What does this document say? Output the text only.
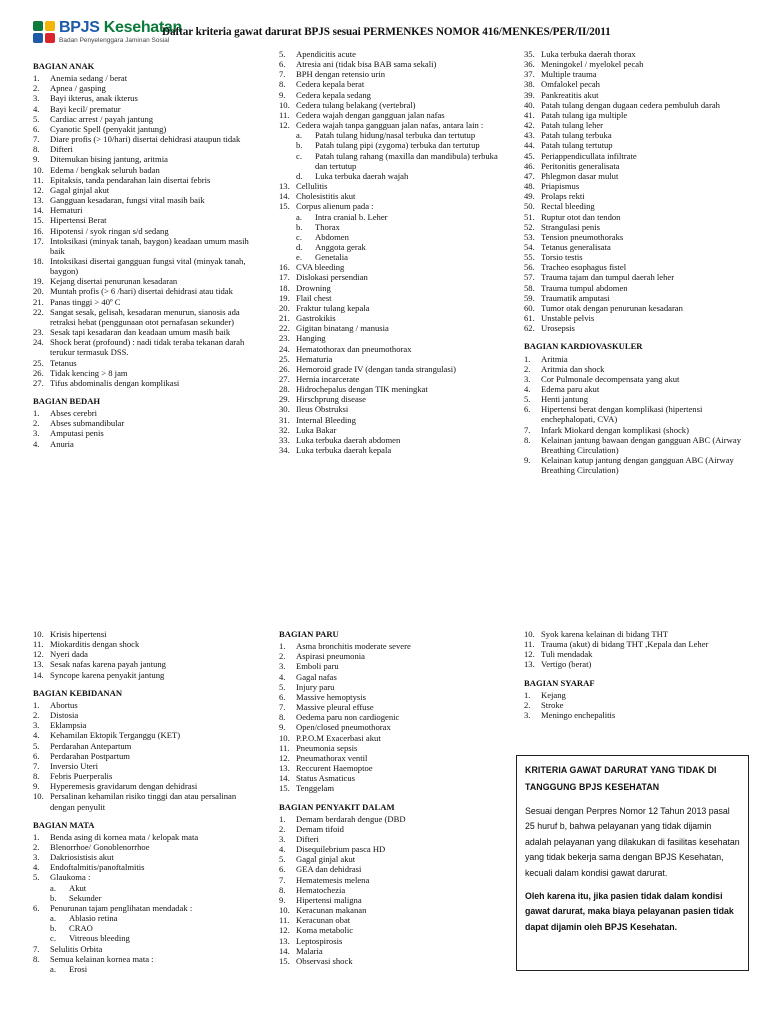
BPJS Kesehatan
Badan Penyelenggara Jaminan Sosial
Daftar kriteria gawat darurat BPJS sesuai PERMENKES NOMOR 416/MENKES/PER/II/2011
BAGIAN ANAK
1.	Anemia sedang / berat
2.	Apnea / gasping
3.	Bayi ikterus, anak ikterus
4.	Bayi kecil/ prematur
5.	Cardiac arrest / payah jantung
6.	Cyanotic Spell (penyakit jantung)
7.	Diare profis (> 10/hari) disertai dehidrasi ataupun tidak
8.	Difteri
9.	Ditemukan bising jantung, aritmia
10. Edema / bengkak seluruh badan
11. Epitaksis, tanda pendarahan lain disertai febris
12. Gagal ginjal akut
13. Gangguan kesadaran, fungsi vital masih baik
14. Hematuri
15. Hipertensi Berat
16. Hipotensi / syok ringan s/d sedang
17. Intoksikasi (minyak tanah, baygon) keadaan umum masih baik
18. Intoksikasi disertai gangguan fungsi vital (minyak tanah, baygon)
19. Kejang disertai penurunan kesadaran
20. Muntah profis (> 6 /hari) disertai dehidrasi atau tidak
21. Panas tinggi > 40º C
22. Sangat sesak, gelisah, kesadaran menurun, sianosis ada retraksi hebat (penggunaan otot pernafasan sekunder)
23. Sesak tapi kesadaran dan keadaan umum masih baik
24. Shock berat (profound) : nadi tidak teraba tekanan darah terukur termasuk DSS.
25. Tetanus
26. Tidak kencing > 8 jam
27. Tifus abdominalis dengan komplikasi
BAGIAN BEDAH
1.	Abses cerebri
2.	Abses submandibular
3.	Amputasi penis
4.	Anuria
5.	Apendicitis acute
6.	Atresia ani (tidak bisa BAB sama sekali)
7.	BPH dengan retensio urin
8.	Cedera kepala berat
9.	Cedera kepala sedang
10. Cedera tulang belakang (vertebral)
11. Cedera wajah dengan gangguan jalan nafas
12. Cedera wajah tanpa gangguan jalan nafas, antara lain :
a.	Patah tulang hidung/nasal terbuka dan tertutup
b.	Patah tulang pipi (zygoma) terbuka dan tertutup
c.	Patah tulang rahang (maxilla dan mandibula) terbuka dan tertutup
d.	Luka terbuka daerah wajah
13. Cellulitis
14. Cholesistitis akut
15. Corpus alienum pada :
a.	Intra cranial b. Leher
b.	Thorax
c.	Abdomen
d.	Anggota gerak
e.	Genetalia
16. CVA bleeding
17. Dislokasi persendian
18. Drowning
19. Flail chest
20. Fraktur tulang kepala
21. Gastrokikis
22. Gigitan binatang / manusia
23. Hanging
24. Hematothorax dan pneumothorax
25. Hematuria
26. Hemoroid grade IV (dengan tanda strangulasi)
27. Hernia incarcerate
28. Hidrochepalus dengan TIK meningkat
29. Hirschprung disease
30. Ileus Obstruksi
31. Internal Bleeding
32. Luka Bakar
33. Luka terbuka daerah abdomen
34. Luka terbuka daerah kepala
35. Luka terbuka daerah thorax
36. Meningokel / myelokel pecah
37. Multiple trauma
38. Omfalokel pecah
39. Pankreatitis akut
40. Patah tulang dengan dugaan cedera pembuluh darah
41. Patah tulang iga multiple
42. Patah tulang leher
43. Patah tulang terbuka
44. Patah tulang tertutup
45. Periappendicullata infiltrate
46. Peritonitis generalisata
47. Phlegmon dasar mulut
48. Priapismus
49. Prolaps rekti
50. Rectal bleeding
51. Ruptur otot dan tendon
52. Strangulasi penis
53. Tension pneumothoraks
54. Tetanus generalisata
55. Torsio testis
56. Tracheo esophagus fistel
57. Trauma tajam dan tumpul daerah leher
58. Trauma tumpul abdomen
59. Traumatik amputasi
60. Tumor otak dengan penurunan kesadaran
61. Unstable pelvis
62. Urosepsis
BAGIAN KARDIOVASKULER
1.	Aritmia
2.	Aritmia dan shock
3.	Cor Pulmonale decompensata yang akut
4.	Edema paru akut
5.	Henti jantung
6.	Hipertensi berat dengan komplikasi (hipertensi enchephalopati, CVA)
7.	Infark Miokard dengan komplikasi (shock)
8.	Kelainan jantung bawaan dengan gangguan ABC (Airway Breathing Circulation)
9.	Kelainan katup jantung dengan gangguan ABC (Airway Breathing Circulation)
10. Krisis hipertensi
11. Miokarditis dengan shock
12. Nyeri dada
13. Sesak nafas karena payah jantung
14. Syncope karena penyakit jantung
BAGIAN KEBIDANAN
1.	Abortus
2.	Distosia
3.	Eklampsia
4.	Kehamilan Ektopik Terganggu (KET)
5.	Perdarahan Antepartum
6.	Perdarahan Postpartum
7.	Inversio Uteri
8.	Febris Puerperalis
9.	Hyperemesis gravidarum dengan dehidrasi
10. Persalinan kehamilan risiko tinggi dan atau persalinan dengan penyulit
BAGIAN MATA
1.	Benda asing di kornea mata / kelopak mata
2.	Blenorrhoe/ Gonoblenorrhoe
3.	Dakriosistisis akut
4.	Endoftalmitis/panoftalmitis
5.	Glaukoma :
a.	Akut
b.	Sekunder
6.	Penurunan tajam penglihatan mendadak :
a.	Ablasio retina
b.	CRAO
c.	Vitreous bleeding
7.	Selulitis Orbita
8.	Semua kelainan kornea mata :
a.	Erosi
BAGIAN PARU
1.	Asma bronchitis moderate severe
2.	Aspirasi pneumonia
3.	Emboli paru
4.	Gagal nafas
5.	Injury paru
6.	Massive hemoptysis
7.	Massive pleural effuse
8.	Oedema paru non cardiogenic
9.	Open/closed pneumothorax
10. P.P.O.M Exacerbasi akut
11. Pneumonia sepsis
12. Pneumathorax ventil
13. Reccurent Haemoptoe
14. Status Asmaticus
15. Tenggelam
BAGIAN PENYAKIT DALAM
1.	Demam berdarah dengue (DBD
2.	Demam tifoid
3.	Difteri
4.	Disequilebrium pasca HD
5.	Gagal ginjal akut
6.	GEA dan dehidrasi
7.	Hematemesis melena
8.	Hematochezia
9.	Hipertensi maligna
10. Keracunan makanan
11. Keracunan obat
12. Koma metabolic
13. Leptospirosis
14. Malaria
15. Observasi shock
10. Syok karena kelainan di bidang THT
11. Trauma (akut) di bidang THT ,Kepala dan Leher
12. Tuli mendadak
13. Vertigo (berat)
BAGIAN SYARAF
1.	Kejang
2.	Stroke
3.	Meningo enchepalitis
KRITERIA GAWAT DARURAT YANG TIDAK DI TANGGUNG BPJS KESEHATAN
Sesuai dengan Perpres Nomor 12 Tahun 2013 pasal 25 huruf b, bahwa pelayanan yang tidak dijamin adalah pelayanan yang dilakukan di fasilitas kesehatan yang tidak bekerja sama dengan BPJS Kesehatan, kecuali dalam kondisi gawat darurat.
Oleh karena itu, jika pasien tidak dalam kondisi gawat darurat, maka biaya pelayanan pasien tidak dapat dijamin oleh BPJS Kesehatan.
